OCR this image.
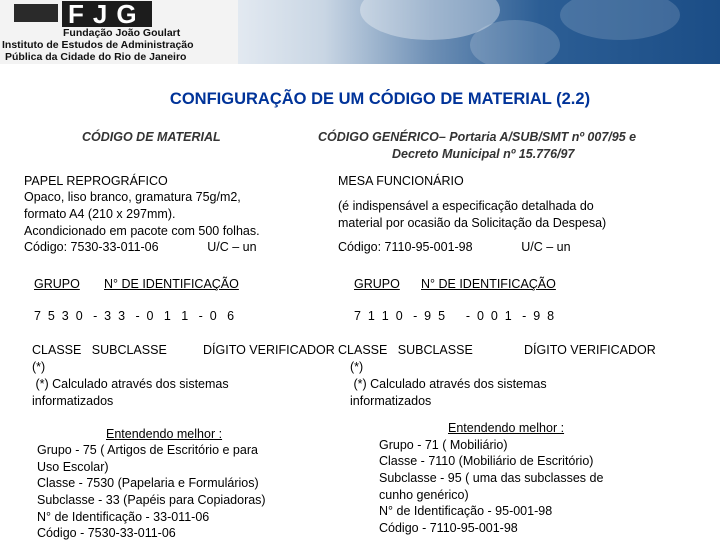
FJG
Fundação João Goulart
Instituto de Estudos de Administração
Pública da Cidade do Rio de Janeiro
CONFIGURAÇÃO DE UM CÓDIGO DE MATERIAL (2.2)
CÓDIGO DE MATERIAL
PAPEL REPROGRÁFICO
Opaco, liso branco, gramatura 75g/m2,
formato A4 (210 x 297mm).
Acondicionado em pacote com 500 folhas.
Código: 7530-33-011-06              U/C – un
GRUPO N° DE IDENTIFICAÇÃO
7  5  3  0   -  3  3   -  0   1   1   -  0   6
CLASSE   SUBCLASSE	DÍGITO VERIFICADOR
(*)
(*) Calculado através dos sistemas
informatizados
Entendendo melhor :
Grupo - 75 ( Artigos de Escritório e para
Uso Escolar)
Classe - 7530 (Papelaria e Formulários)
Subclasse - 33 (Papéis para Copiadoras)
N° de Identificação - 33-011-06
Código - 7530-33-011-06
CÓDIGO GENÉRICO– Portaria A/SUB/SMT nº 007/95 e
Decreto Municipal nº 15.776/97
MESA FUNCIONÁRIO
(é indispensável a especificação detalhada do
material por ocasião da Solicitação da Despesa)
Código: 7110-95-001-98              U/C – un
GRUPO N° DE IDENTIFICAÇÃO
7  1  1  0   -  9  5      -  0  0  1   -  9  8
CLASSE   SUBCLASSE	DÍGITO VERIFICADOR
(*)
(*) Calculado através dos sistemas
informatizados
Entendendo melhor :
Grupo - 71 ( Mobiliário)
Classe - 7110 (Mobiliário de Escritório)
Subclasse - 95 ( uma das subclasses de
cunho genérico)
N° de Identificação - 95-001-98
Código - 7110-95-001-98
